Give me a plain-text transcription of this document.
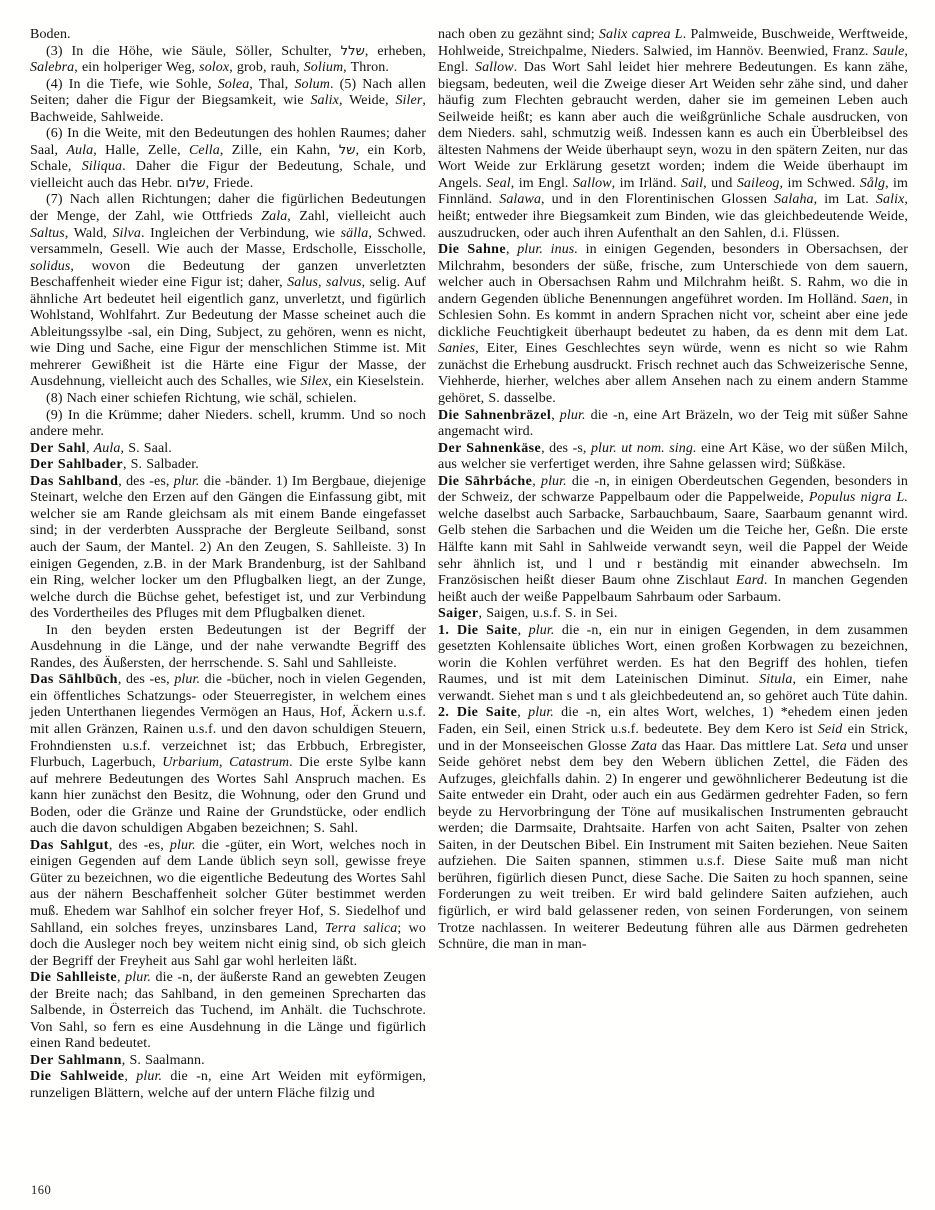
Boden.

(3) In die Höhe, wie Säule, Söller, Schulter, שלל, erheben, Salebra, ein holperiger Weg, solox, grob, rauh, Solium, Thron.

(4) In die Tiefe, wie Sohle, Solea, Thal, Solum. (5) Nach allen Seiten; daher die Figur der Biegsamkeit, wie Salix, Weide, Siler, Bachweide, Sahlweide.

(6) In die Weite, mit den Bedeutungen des hohlen Raumes; daher Saal, Aula, Halle, Zelle, Cella, Zille, ein Kahn, של, ein Korb, Schale, Siliqua. Daher die Figur der Bedeutung, Schale, und vielleicht auch das Hebr. שלום, Friede.

(7) Nach allen Richtungen; daher die figürlichen Bedeutungen der Menge, der Zahl, wie Ottfrieds Zala, Zahl, vielleicht auch Saltus, Wald, Silva. Ingleichen der Verbindung, wie sälla, Schwed. versammeln, Gesell. Wie auch der Masse, Erdscholle, Eisscholle, solidus, wovon die Bedeutung der ganzen unverletzten Beschaffenheit wieder eine Figur ist; daher, Salus, salvus, selig. Auf ähnliche Art bedeutet heil eigentlich ganz, unverletzt, und figürlich Wohlstand, Wohlfahrt. Zur Bedeutung der Masse scheinet auch die Ableitungssylbe -sal, ein Ding, Subject, zu gehören, wenn es nicht, wie Ding und Sache, eine Figur der menschlichen Stimme ist. Mit mehrerer Gewißheit ist die Härte eine Figur der Masse, der Ausdehnung, vielleicht auch des Schalles, wie Silex, ein Kieselstein.

(8) Nach einer schiefen Richtung, wie schäl, schielen.

(9) In die Krümme; daher Nieders. schell, krumm. Und so noch andere mehr.

Der Sahl, Aula, S. Saal.

Der Sahlbader, S. Salbader.

Das Sahlband, des -es, plur. die -bänder. 1) Im Bergbaue, diejenige Steinart, welche den Erzen auf den Gängen die Einfassung gibt, mit welcher sie am Rande gleichsam als mit einem Bande eingefasset sind; in der verderbten Aussprache der Bergleute Seilband, sonst auch der Saum, der Mantel. 2) An den Zeugen, S. Sahlleiste. 3) In einigen Gegenden, z.B. in der Mark Brandenburg, ist der Sahlband ein Ring, welcher locker um den Pflugbalken liegt, an der Zunge, welche durch die Büchse gehet, befestiget ist, und zur Verbindung des Vordertheiles des Pfluges mit dem Pflugbalken dienet.

In den beyden ersten Bedeutungen ist der Begriff der Ausdehnung in die Länge, und der nahe verwandte Begriff des Randes, des Äußersten, der herrschende. S. Sahl und Sahlleiste.

Das Sāhlbūch, des -es, plur. die -bücher, noch in vielen Gegenden, ein öffentliches Schatzungs- oder Steuerregister, in welchem eines jeden Unterthanen liegendes Vermögen an Haus, Hof, Äckern u.s.f. mit allen Gränzen, Rainen u.s.f. und den davon schuldigen Steuern, Frohndiensten u.s.f. verzeichnet ist; das Erbbuch, Erbregister, Flurbuch, Lagerbuch, Urbarium, Catastrum. Die erste Sylbe kann auf mehrere Bedeutungen des Wortes Sahl Anspruch machen. Es kann hier zunächst den Besitz, die Wohnung, oder den Grund und Boden, oder die Gränze und Raine der Grundstücke, oder endlich auch die davon schuldigen Abgaben bezeichnen; S. Sahl.

Das Sahlgut, des -es, plur. die -güter, ein Wort, welches noch in einigen Gegenden auf dem Lande üblich seyn soll, gewisse freye Güter zu bezeichnen, wo die eigentliche Bedeutung des Wortes Sahl aus der nähern Beschaffenheit solcher Güter bestimmet werden muß. Ehedem war Sahlhof ein solcher freyer Hof, S. Siedelhof und Sahlland, ein solches freyes, unzinsbares Land, Terra salica; wo doch die Ausleger noch bey weitem nicht einig sind, ob sich gleich der Begriff der Freyheit aus Sahl gar wohl herleiten läßt.

Die Sahlleiste, plur. die -n, der äußerste Rand an gewebten Zeugen der Breite nach; das Sahlband, in den gemeinen Sprecharten das Salbende, in Österreich das Tuchend, im Anhält. die Tuchschrote. Von Sahl, so fern es eine Ausdehnung in die Länge und figürlich einen Rand bedeutet.

Der Sahlmann, S. Saalmann.

Die Sahlweide, plur. die -n, eine Art Weiden mit eyförmigen, runzeligen Blättern, welche auf der untern Fläche filzig und

nach oben zu gezähnt sind; Salix caprea L. Palmweide, Buschweide, Werftweide, Hohlweide, Streichpalme, Nieders. Salwied, im Hannöv. Beenwied, Franz. Saule, Engl. Sallow. Das Wort Sahl leidet hier mehrere Bedeutungen. Es kann zähe, biegsam, bedeuten, weil die Zweige dieser Art Weiden sehr zähe sind, und daher häufig zum Flechten gebraucht werden, daher sie im gemeinen Leben auch Seilweide heißt; es kann aber auch die weißgrünliche Schale ausdrucken, von dem Nieders. sahl, schmutzig weiß. Indessen kann es auch ein Überbleibsel des ältesten Nahmens der Weide überhaupt seyn, wozu in den spätern Zeiten, nur das Wort Weide zur Erklärung gesetzt worden; indem die Weide überhaupt im Angels. Seal, im Engl. Sallow, im Irländ. Sail, und Saileog, im Schwed. Sålg, im Finnländ. Salawa, und in den Florentinischen Glossen Salaha, im Lat. Salix, heißt; entweder ihre Biegsamkeit zum Binden, wie das gleichbedeutende Weide, auszudrucken, oder auch ihren Aufenthalt an den Sahlen, d.i. Flüssen.

Die Sahne, plur. inus. in einigen Gegenden, besonders in Obersachsen, der Milchrahm, besonders der süße, frische, zum Unterschiede von dem sauern, welcher auch in Obersachsen Rahm und Milchrahm heißt. S. Rahm, wo die in andern Gegenden übliche Benennungen angeführet worden. Im Holländ. Saen, in Schlesien Sohn. Es kommt in andern Sprachen nicht vor, scheint aber eine jede dickliche Feuchtigkeit überhaupt bedeutet zu haben, da es denn mit dem Lat. Sanies, Eiter, Eines Geschlechtes seyn würde, wenn es nicht so wie Rahm zunächst die Erhebung ausdruckt. Frisch rechnet auch das Schweizerische Senne, Viehherde, hierher, welches aber allem Ansehen nach zu einem andern Stamme gehöret, S. dasselbe.

Die Sahnenbräzel, plur. die -n, eine Art Bräzeln, wo der Teig mit süßer Sahne angemacht wird.

Der Sahnenkäse, des -s, plur. ut nom. sing. eine Art Käse, wo der süßen Milch, aus welcher sie verfertiget werden, ihre Sahne gelassen wird; Süßkäse.

Die Sāhrbáche, plur. die -n, in einigen Oberdeutschen Gegenden, besonders in der Schweiz, der schwarze Pappelbaum oder die Pappelweide, Populus nigra L. welche daselbst auch Sarbacke, Sarbauchbaum, Saare, Saarbaum genannt wird. Gelb stehen die Sarbachen und die Weiden um die Teiche her, Geßn. Die erste Hälfte kann mit Sahl in Sahlweide verwandt seyn, weil die Pappel der Weide sehr ähnlich ist, und l und r beständig mit einander abwechseln. Im Französischen heißt dieser Baum ohne Zischlaut Eard. In manchen Gegenden heißt auch der weiße Pappelbaum Sahrbaum oder Sarbaum.

Saiger, Saigen, u.s.f. S. in Sei.

1. Die Saite, plur. die -n, ein nur in einigen Gegenden, in dem zusammen gesetzten Kohlensaite übliches Wort, einen großen Korbwagen zu bezeichnen, worin die Kohlen verführet werden. Es hat den Begriff des hohlen, tiefen Raumes, und ist mit dem Lateinischen Diminut. Situla, ein Eimer, nahe verwandt. Siehet man s und t als gleichbedeutend an, so gehöret auch Tüte dahin.

2. Die Saite, plur. die -n, ein altes Wort, welches, 1) *ehedem einen jeden Faden, ein Seil, einen Strick u.s.f. bedeutete. Bey dem Kero ist Seid ein Strick, und in der Monseeischen Glosse Zata das Haar. Das mittlere Lat. Seta und unser Seide gehöret nebst dem bey den Webern üblichen Zettel, die Fäden des Aufzuges, gleichfalls dahin. 2) In engerer und gewöhnlicherer Bedeutung ist die Saite entweder ein Draht, oder auch ein aus Gedärmen gedrehter Faden, so fern beyde zu Hervorbringung der Töne auf musikalischen Instrumenten gebraucht werden; die Darmsaite, Drahtsaite. Harfen von acht Saiten, Psalter von zehen Saiten, in der Deutschen Bibel. Ein Instrument mit Saiten beziehen. Neue Saiten aufziehen. Die Saiten spannen, stimmen u.s.f. Diese Saite muß man nicht berühren, figürlich diesen Punct, diese Sache. Die Saiten zu hoch spannen, seine Forderungen zu weit treiben. Er wird bald gelindere Saiten aufziehen, auch figürlich, er wird bald gelassener reden, von seinen Forderungen, von seinem Trotze nachlassen. In weiterer Bedeutung führen alle aus Därmen gedreheten Schnüre, die man in man-

160
